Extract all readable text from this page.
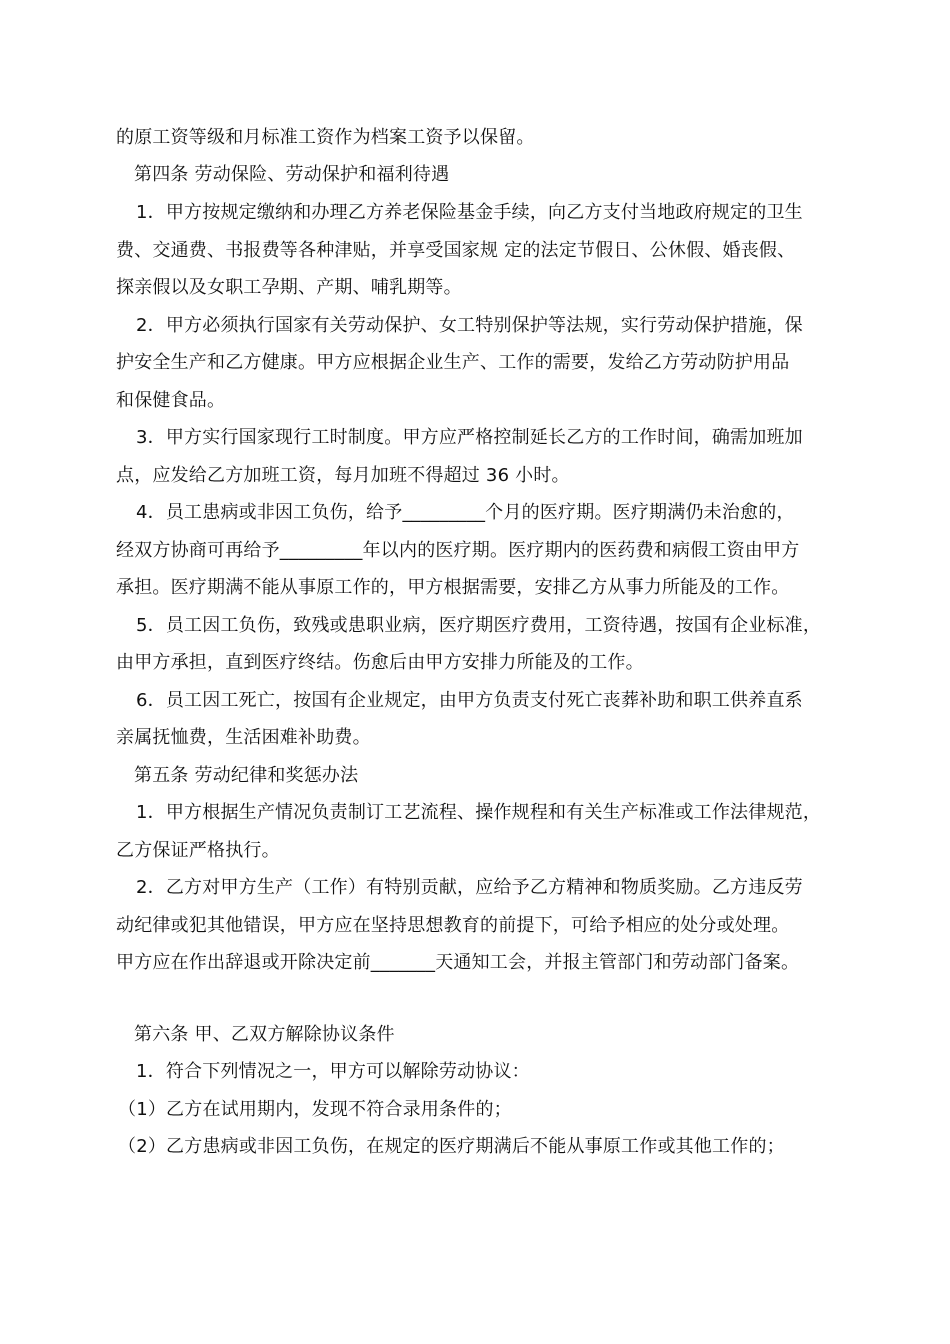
的原工资等级和月标准工资作为档案工资予以保留。
第四条 劳动保险、劳动保护和福利待遇
1．甲方按规定缴纳和办理乙方养老保险基金手续，向乙方支付当地政府规定的卫生
费、交通费、书报费等各种津贴，并享受国家规 定的法定节假日、公休假、婚丧假、
探亲假以及女职工孕期、产期、哺乳期等。
2．甲方必须执行国家有关劳动保护、女工特别保护等法规，实行劳动保护措施，保
护安全生产和乙方健康。甲方应根据企业生产、工作的需要，发给乙方劳动防护用品
和保健食品。
3．甲方实行国家现行工时制度。甲方应严格控制延长乙方的工作时间，确需加班加
点，应发给乙方加班工资，每月加班不得超过 36 小时。
4．员工患病或非因工负伤，给予_________个月的医疗期。医疗期满仍未治愈的，
经双方协商可再给予_________年以内的医疗期。医疗期内的医药费和病假工资由甲方
承担。医疗期满不能从事原工作的，甲方根据需要，安排乙方从事力所能及的工作。
5．员工因工负伤，致残或患职业病，医疗期医疗费用，工资待遇，按国有企业标准，
由甲方承担，直到医疗终结。伤愈后由甲方安排力所能及的工作。
6．员工因工死亡，按国有企业规定，由甲方负责支付死亡丧葬补助和职工供养直系
亲属抚恤费，生活困难补助费。
第五条 劳动纪律和奖惩办法
1．甲方根据生产情况负责制订工艺流程、操作规程和有关生产标准或工作法律规范，
乙方保证严格执行。
2．乙方对甲方生产（工作）有特别贡献，应给予乙方精神和物质奖励。乙方违反劳
动纪律或犯其他错误，甲方应在坚持思想教育的前提下，可给予相应的处分或处理。
甲方应在作出辞退或开除决定前_______天通知工会，并报主管部门和劳动部门备案。
第六条 甲、乙双方解除协议条件
1．符合下列情况之一，甲方可以解除劳动协议：
（1）乙方在试用期内，发现不符合录用条件的；
（2）乙方患病或非因工负伤，在规定的医疗期满后不能从事原工作或其他工作的；
